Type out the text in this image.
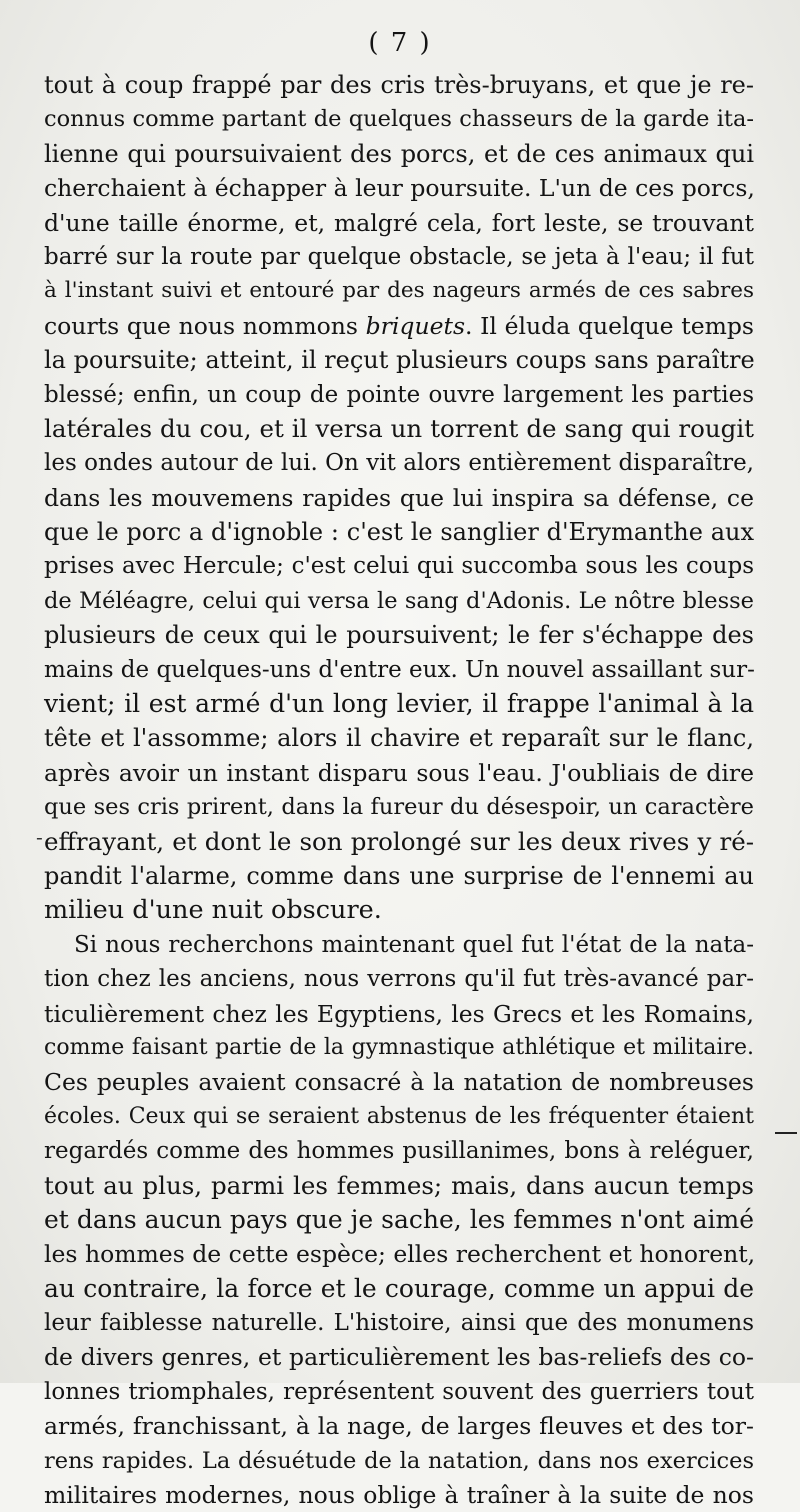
( 7 )
-
tout à coup frappé par des cris très-bruyans, et que je re-
connus comme partant de quelques chasseurs de la garde ita-
lienne qui poursuivaient des porcs, et de ces animaux qui
cherchaient à échapper à leur poursuite. L'un de ces porcs,
d'une taille énorme, et, malgré cela, fort leste, se trouvant
barré sur la route par quelque obstacle, se jeta à l'eau; il fut
à l'instant suivi et entouré par des nageurs armés de ces sabres
courts que nous nommons briquets. Il éluda quelque temps
la poursuite; atteint, il reçut plusieurs coups sans paraître
blessé; enfin, un coup de pointe ouvre largement les parties
latérales du cou, et il versa un torrent de sang qui rougit
les ondes autour de lui. On vit alors entièrement disparaître,
dans les mouvemens rapides que lui inspira sa défense, ce
que le porc a d'ignoble : c'est le sanglier d'Erymanthe aux
prises avec Hercule; c'est celui qui succomba sous les coups
de Méléagre, celui qui versa le sang d'Adonis. Le nôtre blesse
plusieurs de ceux qui le poursuivent; le fer s'échappe des
mains de quelques-uns d'entre eux. Un nouvel assaillant sur-
vient; il est armé d'un long levier, il frappe l'animal à la
tête et l'assomme; alors il chavire et reparaît sur le flanc,
après avoir un instant disparu sous l'eau. J'oubliais de dire
que ses cris prirent, dans la fureur du désespoir, un caractère
effrayant, et dont le son prolongé sur les deux rives y ré-
pandit l'alarme, comme dans une surprise de l'ennemi au
milieu d'une nuit obscure.
Si nous recherchons maintenant quel fut l'état de la nata-
tion chez les anciens, nous verrons qu'il fut très-avancé par-
ticulièrement chez les Egyptiens, les Grecs et les Romains,
comme faisant partie de la gymnastique athlétique et militaire.
Ces peuples avaient consacré à la natation de nombreuses
écoles. Ceux qui se seraient abstenus de les fréquenter étaient
regardés comme des hommes pusillanimes, bons à reléguer,
tout au plus, parmi les femmes; mais, dans aucun temps
et dans aucun pays que je sache, les femmes n'ont aimé
les hommes de cette espèce; elles recherchent et honorent,
au contraire, la force et le courage, comme un appui de
leur faiblesse naturelle. L'histoire, ainsi que des monumens
de divers genres, et particulièrement les bas-reliefs des co-
lonnes triomphales, représentent souvent des guerriers tout
armés, franchissant, à la nage, de larges fleuves et des tor-
rens rapides. La désuétude de la natation, dans nos exercices
militaires modernes, nous oblige à traîner à la suite de nos
